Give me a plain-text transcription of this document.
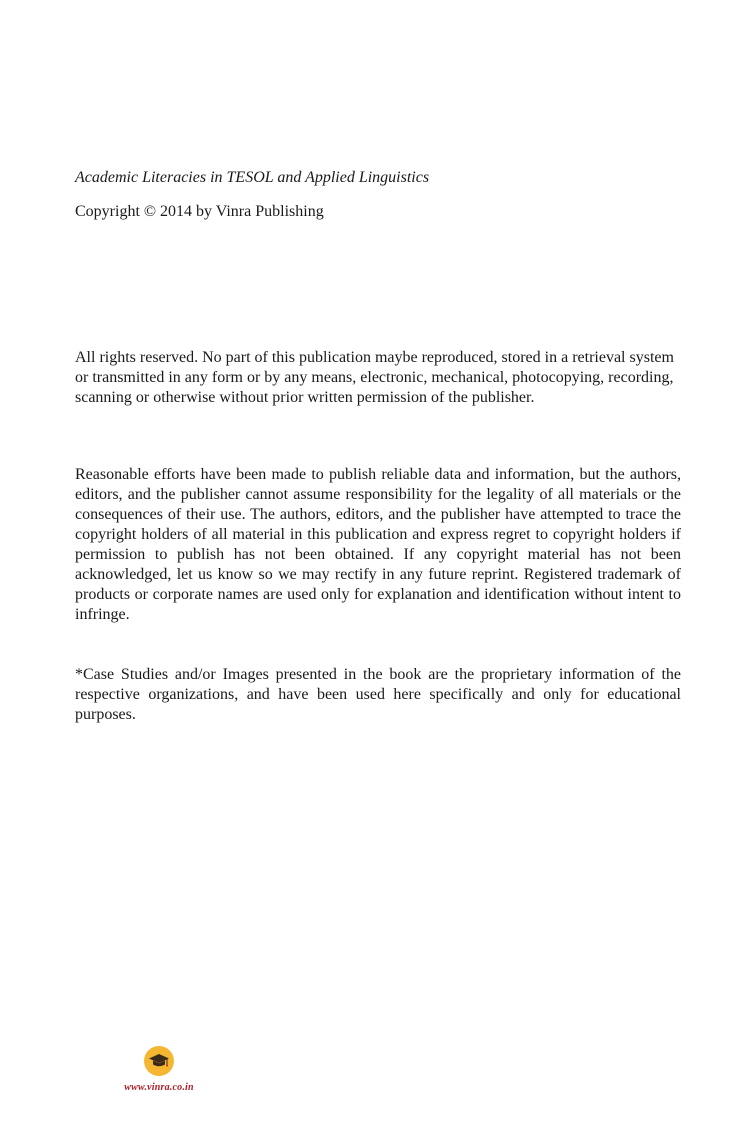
Academic Literacies in TESOL and Applied Linguistics

Copyright © 2014 by Vinra Publishing

All rights reserved. No part of this publication maybe reproduced, stored in a retrieval system or transmitted in any form or by any means, electronic, mechanical, photocopying, recording, scanning or otherwise without prior written permission of the publisher.

Reasonable efforts have been made to publish reliable data and information, but the authors, editors, and the publisher cannot assume responsibility for the legality of all materials or the consequences of their use. The authors, editors, and the publisher have attempted to trace the copyright holders of all material in this publication and express regret to copyright holders if permission to publish has not been obtained. If any copyright material has not been acknowledged, let us know so we may rectify in any future reprint. Registered trademark of products or corporate names are used only for explanation and identification without intent to infringe.

*Case Studies and/or Images presented in the book are the proprietary information of the respective organizations, and have been used here specifically and only for educational purposes.

www.vinra.co.in
